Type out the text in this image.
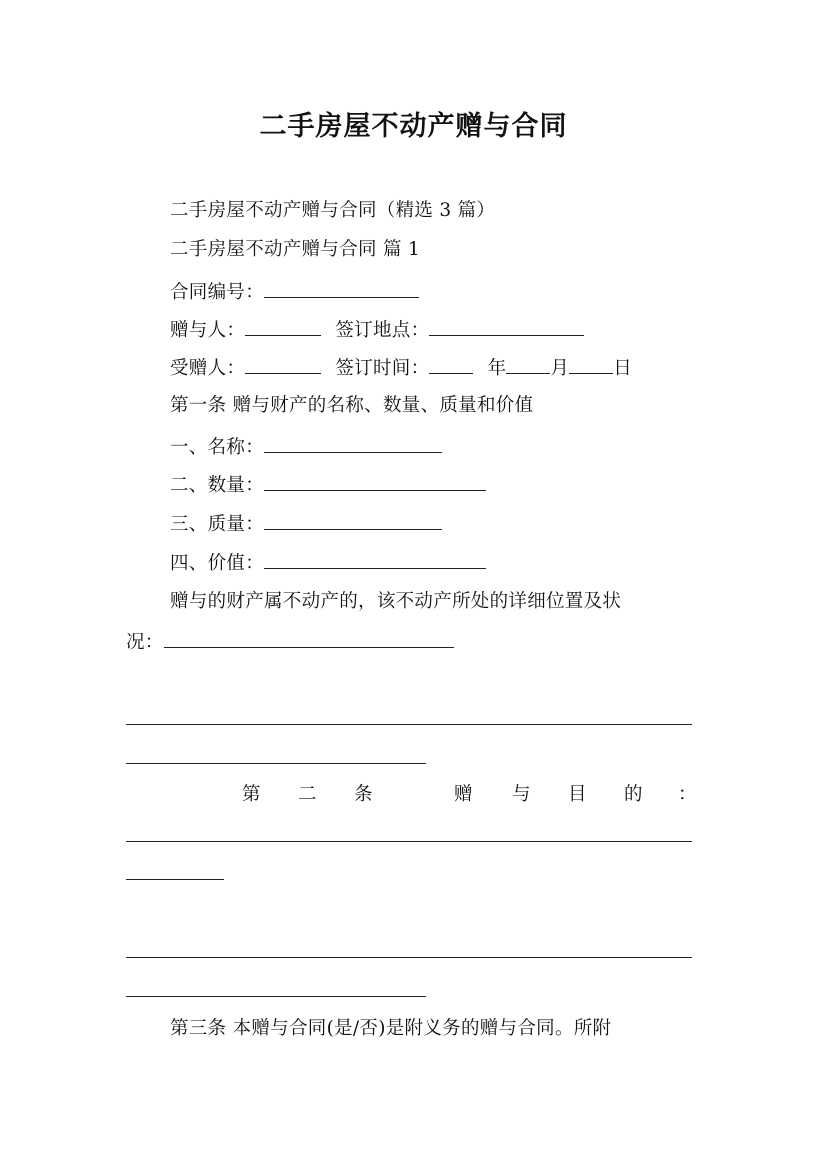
二手房屋不动产赠与合同
二手房屋不动产赠与合同（精选 3 篇）
二手房屋不动产赠与合同 篇 1
合同编号：
赠与人：	签订地点：
受赠人：	签订时间：	年 月 日
第一条 赠与财产的名称、数量、质量和价值
一、名称：
二、数量：
三、质量：
四、价值：
赠与的财产属不动产的，该不动产所处的详细位置及状
况：
第 二 条	赠 与 目 的 ：
第三条 本赠与合同(是/否)是附义务的赠与合同。所附
